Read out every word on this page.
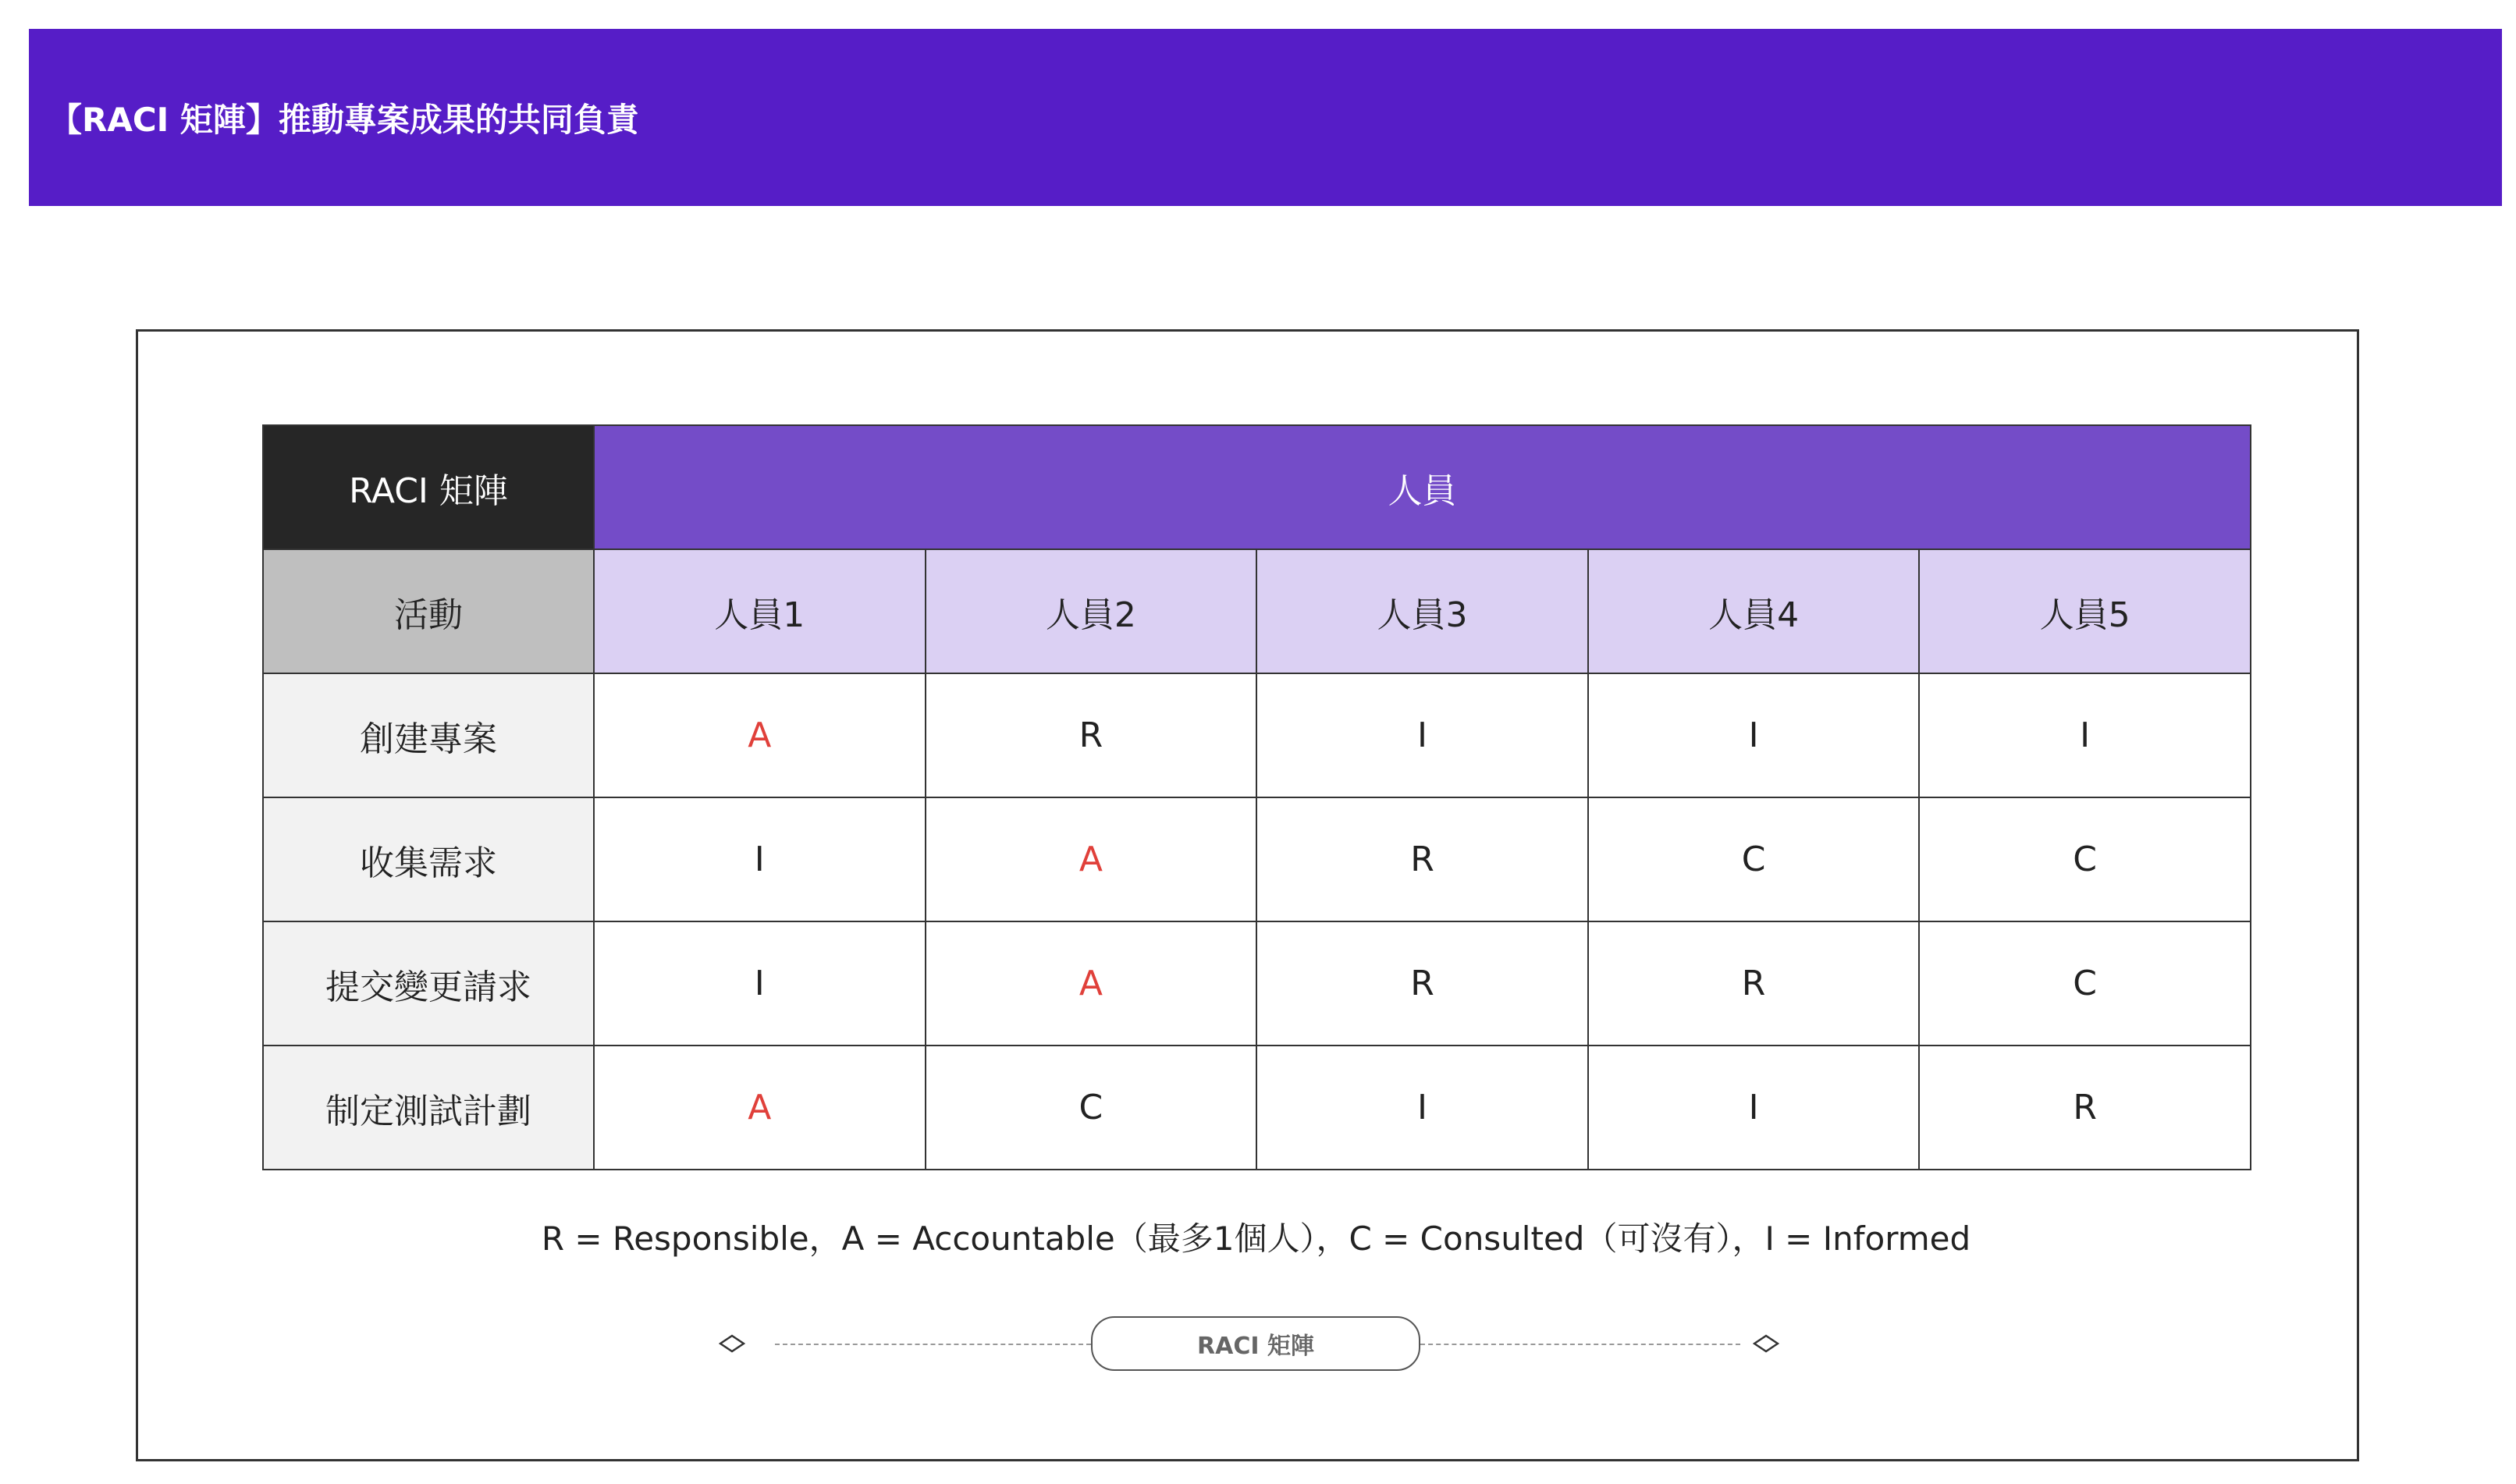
【RACI 矩陣】推動專案成果的共同負責
RACI 矩陣	人員				
活動	人員1	人員2	人員3	人員4	人員5
創建專案	A	R	I	I	I
收集需求	I	A	R	C	C
提交變更請求	I	A	R	R	C
制定測試計劃	A	C	I	I	R
R = Responsible，A = Accountable（最多1個人），C = Consulted（可沒有），I = Informed
RACI 矩陣
